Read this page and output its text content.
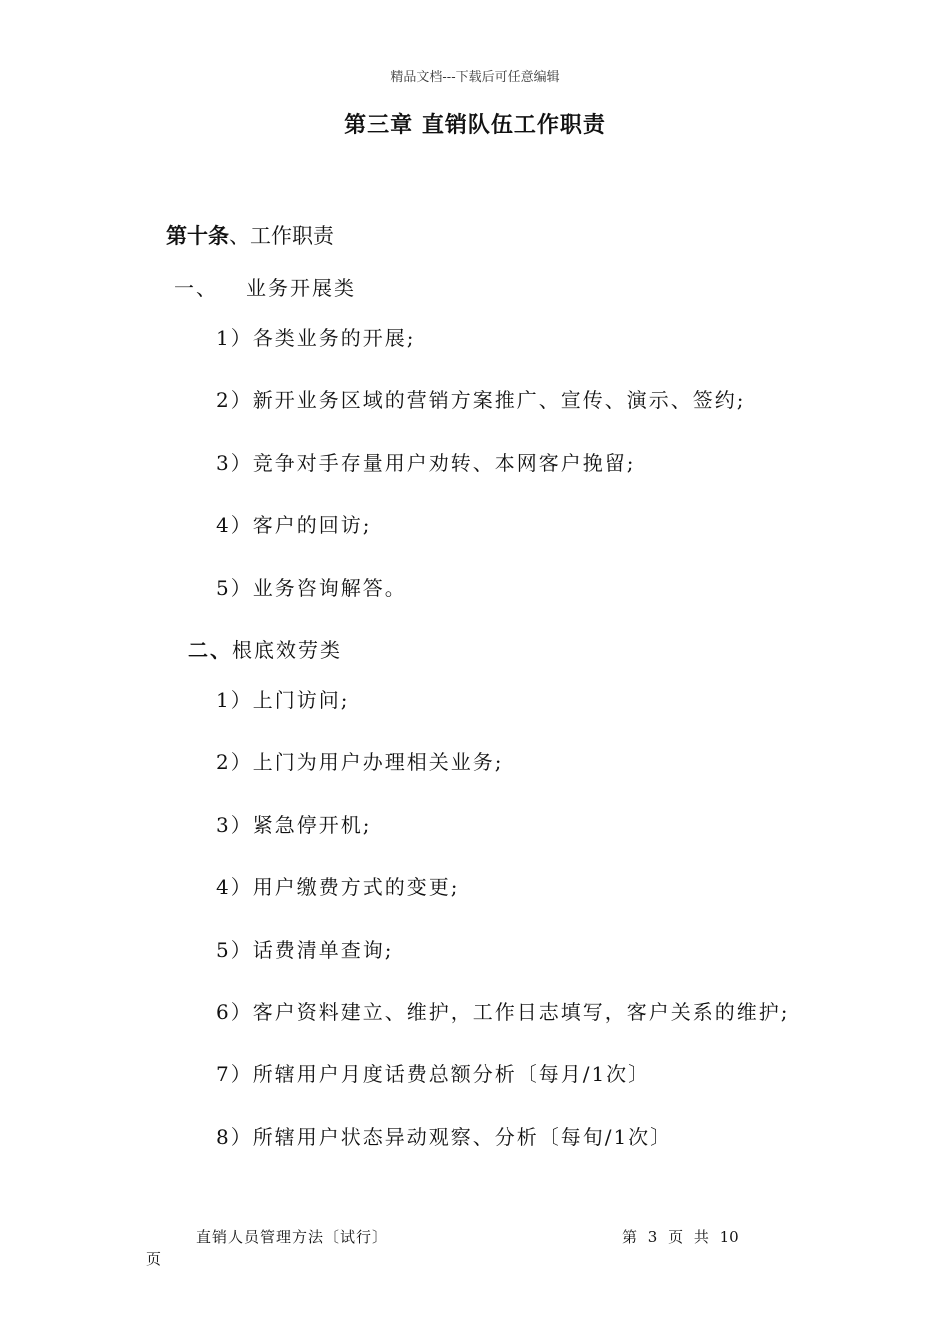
精品文档---下载后可任意编辑
第三章 直销队伍工作职责
第十条、工作职责
一、 业务开展类
1）各类业务的开展;
2）新开业务区域的营销方案推广、宣传、演示、签约;
3）竞争对手存量用户劝转、本网客户挽留;
4）客户的回访;
5）业务咨询解答。
二、根底效劳类
1）上门访问;
2）上门为用户办理相关业务;
3）紧急停开机;
4）用户缴费方式的变更;
5）话费清单查询;
6）客户资料建立、维护，工作日志填写，客户关系的维护;
7）所辖用户月度话费总额分析〔每月/1次〕
8）所辖用户状态异动观察、分析〔每旬/1次〕
直销人员管理方法〔试行〕	第 3 页 共 10
页
